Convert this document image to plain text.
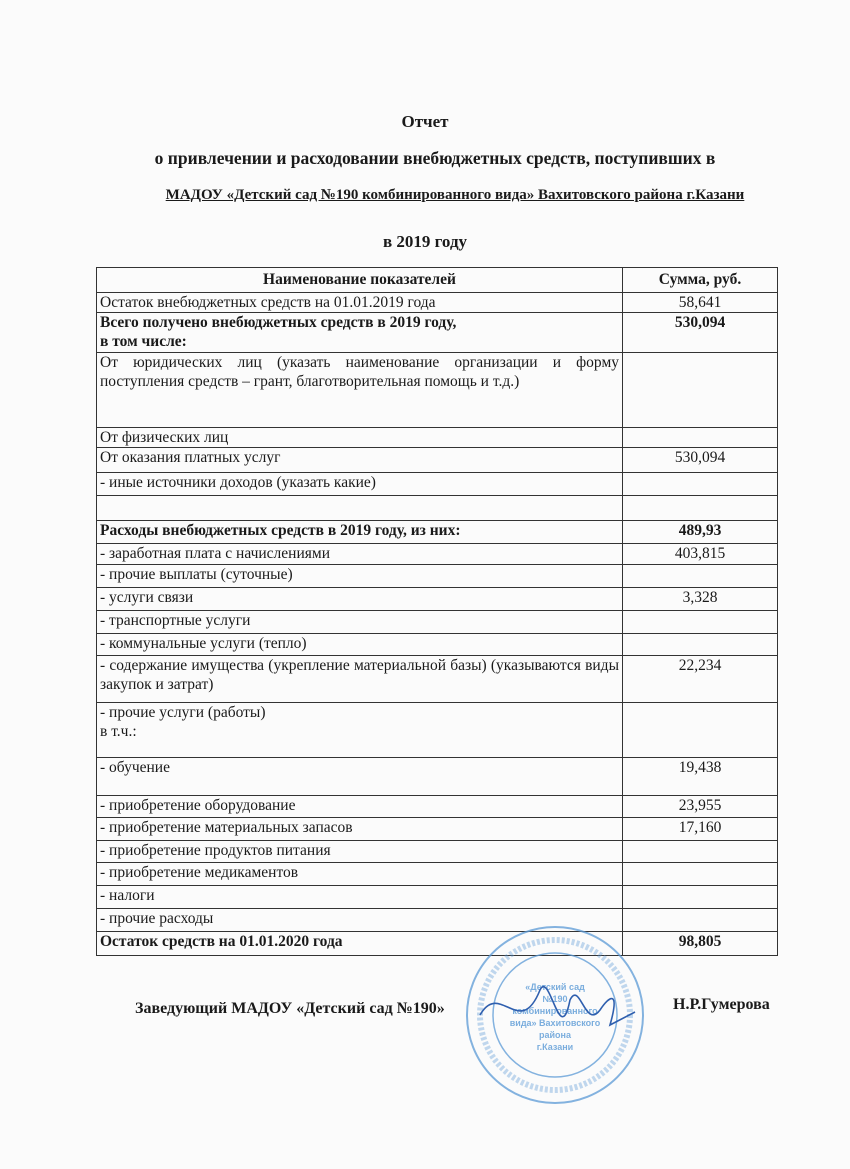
Отчет
о привлечении и расходовании внебюджетных средств, поступивших в
МАДОУ «Детский сад №190 комбинированного вида» Вахитовского района г.Казани
в 2019 году
Наименование показателей	Сумма, руб.
Остаток внебюджетных средств на 01.01.2019 года	58,641
Всего получено внебюджетных средств в 2019 году,
в том числе:	530,094
От юридических лиц (указать наименование организации и форму поступления средств – грант, благотворительная помощь и т.д.)	
От физических лиц	
От оказания платных услуг	530,094
- иные источники доходов (указать какие)	

Расходы внебюджетных средств в 2019 году, из них:	489,93
- заработная плата с начислениями	403,815
- прочие выплаты (суточные)	
- услуги связи	3,328
- транспортные услуги	
- коммунальные услуги (тепло)	
- содержание имущества (укрепление материальной базы) (указываются виды закупок и затрат)	22,234
- прочие услуги (работы)
в т.ч.:	
- обучение	19,438
- приобретение оборудование	23,955
- приобретение материальных запасов	17,160
- приобретение продуктов питания	
- приобретение медикаментов	
- налоги	
- прочие расходы	
Остаток средств на 01.01.2020 года	98,805
«Детский сад
№190
комбинированного
вида» Вахитовского
района
г.Казани
Заведующий МАДОУ «Детский сад №190»	Н.Р.Гумерова
